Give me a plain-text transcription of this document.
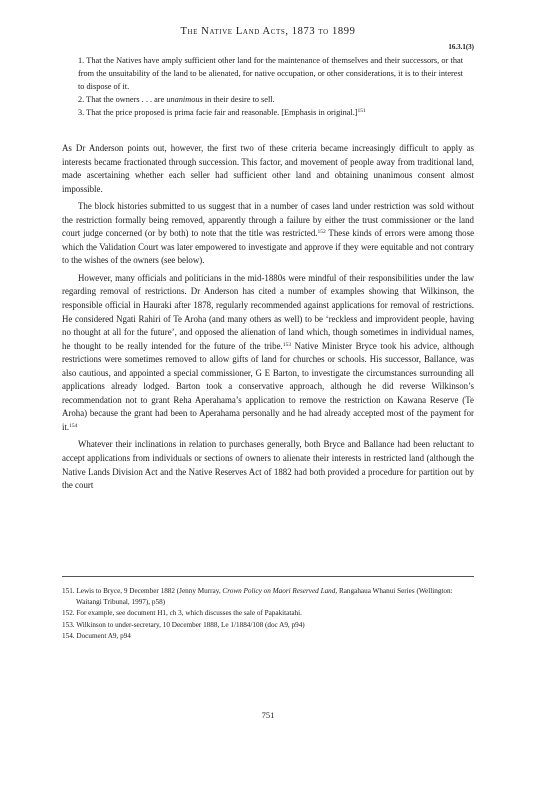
The Native Land Acts, 1873 to 1899
16.3.1(3)

1. That the Natives have amply sufficient other land for the maintenance of themselves and their successors, or that from the unsuitability of the land to be alienated, for native occupation, or other considerations, it is to their interest to dispose of it.

2. That the owners . . . are unanimous in their desire to sell.

3. That the price proposed is prima facie fair and reasonable. [Emphasis in original.]$^{151}$

As Dr Anderson points out, however, the first two of these criteria became increasingly difficult to apply as interests became fractionated through succession. This factor, and movement of people away from traditional land, made ascertaining whether each seller had sufficient other land and obtaining unanimous consent almost impossible.

The block histories submitted to us suggest that in a number of cases land under restriction was sold without the restriction formally being removed, apparently through a failure by either the trust commissioner or the land court judge concerned (or by both) to note that the title was restricted.$^{152}$ These kinds of errors were among those which the Validation Court was later empowered to investigate and approve if they were equitable and not contrary to the wishes of the owners (see below).

However, many officials and politicians in the mid-1880s were mindful of their responsibilities under the law regarding removal of restrictions. Dr Anderson has cited a number of examples showing that Wilkinson, the responsible official in Hauraki after 1878, regularly recommended against applications for removal of restrictions. He considered Ngati Rahiri of Te Aroha (and many others as well) to be ‘reckless and improvident people, having no thought at all for the future’, and opposed the alienation of land which, though sometimes in individual names, he thought to be really intended for the future of the tribe.$^{153}$ Native Minister Bryce took his advice, although restrictions were sometimes removed to allow gifts of land for churches or schools. His successor, Ballance, was also cautious, and appointed a special commissioner, G E Barton, to investigate the circumstances surrounding all applications already lodged. Barton took a conservative approach, although he did reverse Wilkinson’s recommendation not to grant Reha Aperahama’s application to remove the restriction on Kawana Reserve (Te Aroha) because the grant had been to Aperahama personally and he had already accepted most of the payment for it.$^{154}$

Whatever their inclinations in relation to purchases generally, both Bryce and Ballance had been reluctant to accept applications from individuals or sections of owners to alienate their interests in restricted land (although the Native Lands Division Act and the Native Reserves Act of 1882 had both provided a procedure for partition out by the court

151. Lewis to Bryce, 9 December 1882 (Jenny Murray, Crown Policy on Maori Reserved Land, Rangahaua Whanui Series (Wellington: Waitangi Tribunal, 1997), p58)

152. For example, see document H1, ch 3, which discusses the sale of Papakitatahi.

153. Wilkinson to under-secretary, 10 December 1888, Le 1/1884/108 (doc A9, p94)

154. Document A9, p94

751
